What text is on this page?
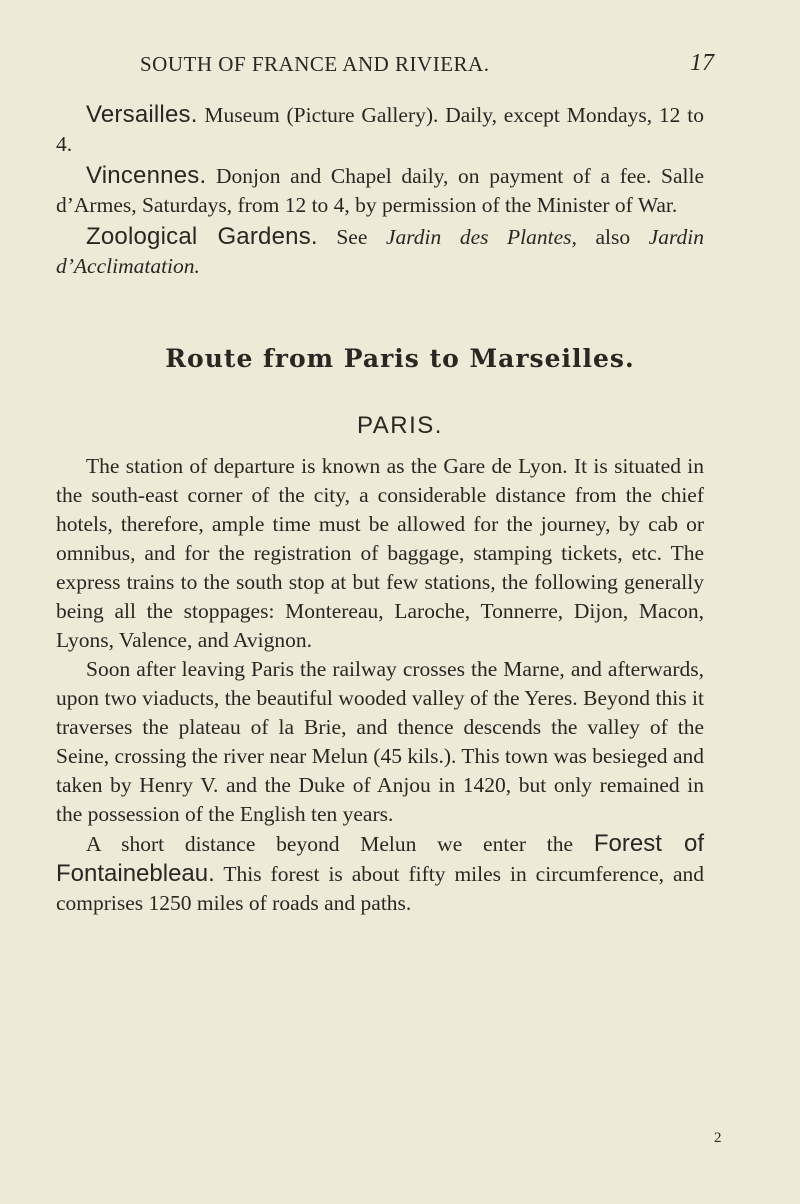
SOUTH OF FRANCE AND RIVIERA.	17
Versailles. Museum (Picture Gallery). Daily, except Mondays, 12 to 4.
Vincennes. Donjon and Chapel daily, on payment of a fee. Salle d’Armes, Saturdays, from 12 to 4, by permission of the Minister of War.
Zoological Gardens. See Jardin des Plantes, also Jardin d’Acclimatation.
Route from Paris to Marseilles.
PARIS.

The station of departure is known as the Gare de Lyon. It is situated in the south-east corner of the city, a considerable distance from the chief hotels, therefore, ample time must be allowed for the journey, by cab or omnibus, and for the registration of baggage, stamping tickets, etc. The express trains to the south stop at but few stations, the following generally being all the stoppages: Montereau, Laroche, Tonnerre, Dijon, Macon, Lyons, Valence, and Avignon.

Soon after leaving Paris the railway crosses the Marne, and afterwards, upon two viaducts, the beautiful wooded valley of the Yeres. Beyond this it traverses the plateau of la Brie, and thence descends the valley of the Seine, crossing the river near Melun (45 kils.). This town was besieged and taken by Henry V. and the Duke of Anjou in 1420, but only remained in the possession of the English ten years.

A short distance beyond Melun we enter the Forest of Fontainebleau. This forest is about fifty miles in circumference, and comprises 1250 miles of roads and paths.

2
